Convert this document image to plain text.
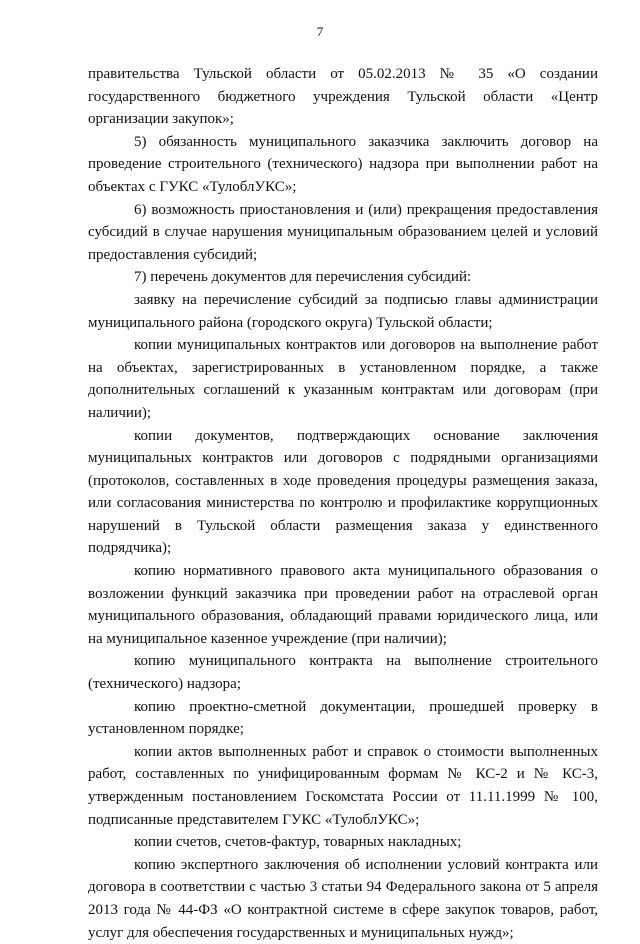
7

правительства Тульской области от 05.02.2013 № 35 «О создании государственного бюджетного учреждения Тульской области «Центр организации закупок»;

5) обязанность муниципального заказчика заключить договор на проведение строительного (технического) надзора при выполнении работ на объектах с ГУКС «ТулоблУКС»;

6) возможность приостановления и (или) прекращения предоставления субсидий в случае нарушения муниципальным образованием целей и условий предоставления субсидий;

7) перечень документов для перечисления субсидий:

заявку на перечисление субсидий за подписью главы администрации муниципального района (городского округа) Тульской области;

копии муниципальных контрактов или договоров на выполнение работ на объектах, зарегистрированных в установленном порядке, а также дополнительных соглашений к указанным контрактам или договорам (при наличии);

копии документов, подтверждающих основание заключения муниципальных контрактов или договоров с подрядными организациями (протоколов, составленных в ходе проведения процедуры размещения заказа, или согласования министерства по контролю и профилактике коррупционных нарушений в Тульской области размещения заказа у единственного подрядчика);

копию нормативного правового акта муниципального образования о возложении функций заказчика при проведении работ на отраслевой орган муниципального образования, обладающий правами юридического лица, или на муниципальное казенное учреждение (при наличии);

копию муниципального контракта на выполнение строительного (технического) надзора;

копию проектно-сметной документации, прошедшей проверку в установленном порядке;

копии актов выполненных работ и справок о стоимости выполненных работ, составленных по унифицированным формам № КС-2 и № КС-3, утвержденным постановлением Госкомстата России от 11.11.1999 № 100, подписанные представителем ГУКС «ТулоблУКС»;

копии счетов, счетов-фактур, товарных накладных;

копию экспертного заключения об исполнении условий контракта или договора в соответствии с частью 3 статьи 94 Федерального закона от 5 апреля 2013 года № 44-ФЗ «О контрактной системе в сфере закупок товаров, работ, услуг для обеспечения государственных и муниципальных нужд»;
